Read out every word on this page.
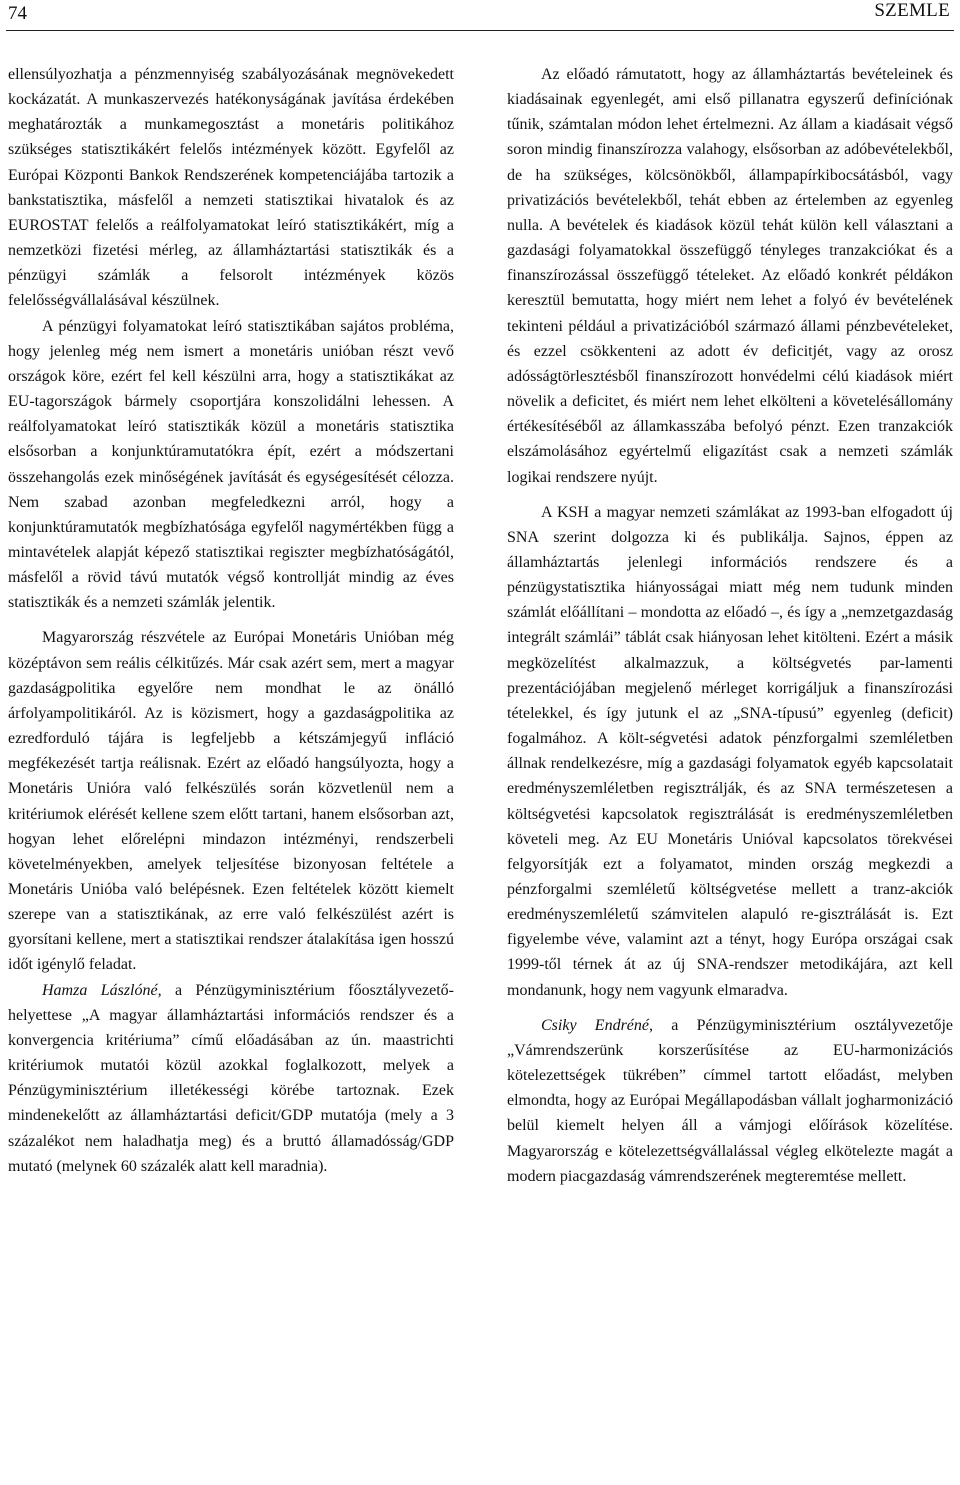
74	SZEMLE

ellensúlyozhatja a pénzmennyiség szabályozásának megnövekedett kockázatát. A munkaszervezés hatékonyságának javítása érdekében meghatározták a munkamegosztást a monetáris politikához szükséges statisztikákért felelős intézmények között. Egyfelől az Európai Központi Bankok Rendszerének kompetenciájába tartozik a bankstatisztika, másfelől a nemzeti statisztikai hivatalok és az EUROSTAT felelős a reálfolyamatokat leíró statisztikákért, míg a nemzetközi fizetési mérleg, az államháztartási statisztikák és a pénzügyi számlák a felsorolt intézmények közös felelősségvállalásával készülnek.

A pénzügyi folyamatokat leíró statisztikában sajátos probléma, hogy jelenleg még nem ismert a monetáris unióban részt vevő országok köre, ezért fel kell készülni arra, hogy a statisztikákat az EU-tagországok bármely csoportjára konszolidálni lehessen. A reálfolyamatokat leíró statisztikák közül a monetáris statisztika elsősorban a konjunktúramutatókra épít, ezért a módszertani összehangolás ezek minőségének javítását és egységesítését célozza. Nem szabad azonban megfeledkezni arról, hogy a konjunktúramutatók megbízhatósága egyfelől nagymértékben függ a mintavételek alapját képező statisztikai regiszter megbízhatóságától, másfelől a rövid távú mutatók végső kontrollját mindig az éves statisztikák és a nemzeti számlák jelentik.

Magyarország részvétele az Európai Monetáris Unióban még középtávon sem reális célkitűzés. Már csak azért sem, mert a magyar gazdaságpolitika egyelőre nem mondhat le az önálló árfolyampolitikáról. Az is közismert, hogy a gazdaságpolitika az ezredforduló tájára is legfeljebb a kétszámjegyű infláció megfékezését tartja reálisnak. Ezért az előadó hangsúlyozta, hogy a Monetáris Unióra való felkészülés során közvetlenül nem a kritériumok elérését kellene szem előtt tartani, hanem elsősorban azt, hogyan lehet előrelépni mindazon intézményi, rendszerbeli követelményekben, amelyek teljesítése bizonyosan feltétele a Monetáris Unióba való belépésnek. Ezen feltételek között kiemelt szerepe van a statisztikának, az erre való felkészülést azért is gyorsítani kellene, mert a statisztikai rendszer átalakítása igen hosszú időt igénylő feladat.

Hamza Lászlóné, a Pénzügyminisztérium főosztályvezető-helyettese „A magyar államháztartási információs rendszer és a konvergencia kritériuma” című előadásában az ún. maastrichti kritériumok mutatói közül azokkal foglalkozott, melyek a Pénzügyminisztérium illetékességi körébe tartoznak. Ezek mindenekelőtt az államháztartási deficit/GDP mutatója (mely a 3 százalékot nem haladhatja meg) és a bruttó államadósság/GDP mutató (melynek 60 százalék alatt kell maradnia).

Az előadó rámutatott, hogy az államháztartás bevételeinek és kiadásainak egyenlegét, ami első pillanatra egyszerű definíciónak tűnik, számtalan módon lehet értelmezni. Az állam a kiadásait végső soron mindig finanszírozza valahogy, elsősorban az adóbevételekből, de ha szükséges, kölcsönökből, állampapírkibocsátásból, vagy privatizációs bevételekből, tehát ebben az értelemben az egyenleg nulla. A bevételek és kiadások közül tehát külön kell választani a gazdasági folyamatokkal összefüggő tényleges tranzakciókat és a finanszírozással összefüggő tételeket. Az előadó konkrét példákon keresztül bemutatta, hogy miért nem lehet a folyó év bevételének tekinteni például a privatizációból származó állami pénzbevételeket, és ezzel csökkenteni az adott év deficitjét, vagy az orosz adósságtörlesztésből finanszírozott honvédelmi célú kiadások miért növelik a deficitet, és miért nem lehet elkölteni a követelésállomány értékesítéséből az államkasszába befolyó pénzt. Ezen tranzakciók elszámolásához egyértelmű eligazítást csak a nemzeti számlák logikai rendszere nyújt.

A KSH a magyar nemzeti számlákat az 1993-ban elfogadott új SNA szerint dolgozza ki és publikálja. Sajnos, éppen az államháztartás jelenlegi információs rendszere és a pénzügystatisztika hiányosságai miatt még nem tudunk minden számlát előállítani – mondotta az előadó –, és így a „nemzetgazdaság integrált számlái” táblát csak hiányosan lehet kitölteni. Ezért a másik megközelítést alkalmazzuk, a költségvetés par-lamenti prezentációjában megjelenő mérleget korrigáljuk a finanszírozási tételekkel, és így jutunk el az „SNA-típusú” egyenleg (deficit) fogalmához. A költ-ségvetési adatok pénzforgalmi szemléletben állnak rendelkezésre, míg a gazdasági folyamatok egyéb kapcsolatait eredményszemléletben regisztrálják, és az SNA természetesen a költségvetési kapcsolatok regisztrálását is eredményszemléletben követeli meg. Az EU Monetáris Unióval kapcsolatos törekvései felgyorsítják ezt a folyamatot, minden ország megkezdi a pénzforgalmi szemléletű költségvetése mellett a tranz-akciók eredményszemléletű számvitelen alapuló re-gisztrálását is. Ezt figyelembe véve, valamint azt a tényt, hogy Európa országai csak 1999-től térnek át az új SNA-rendszer metodikájára, azt kell mondanunk, hogy nem vagyunk elmaradva.

Csiky Endréné, a Pénzügyminisztérium osztályvezetője „Vámrendszerünk korszerűsítése az EU-harmonizációs kötelezettségek tükrében” címmel tartott előadást, melyben elmondta, hogy az Európai Megállapodásban vállalt jogharmonizáció belül kiemelt helyen áll a vámjogi előírások közelítése. Magyarország e kötelezettségvállalással végleg elkötelezte magát a modern piacgazdaság vámrendszerének megteremtése mellett.
